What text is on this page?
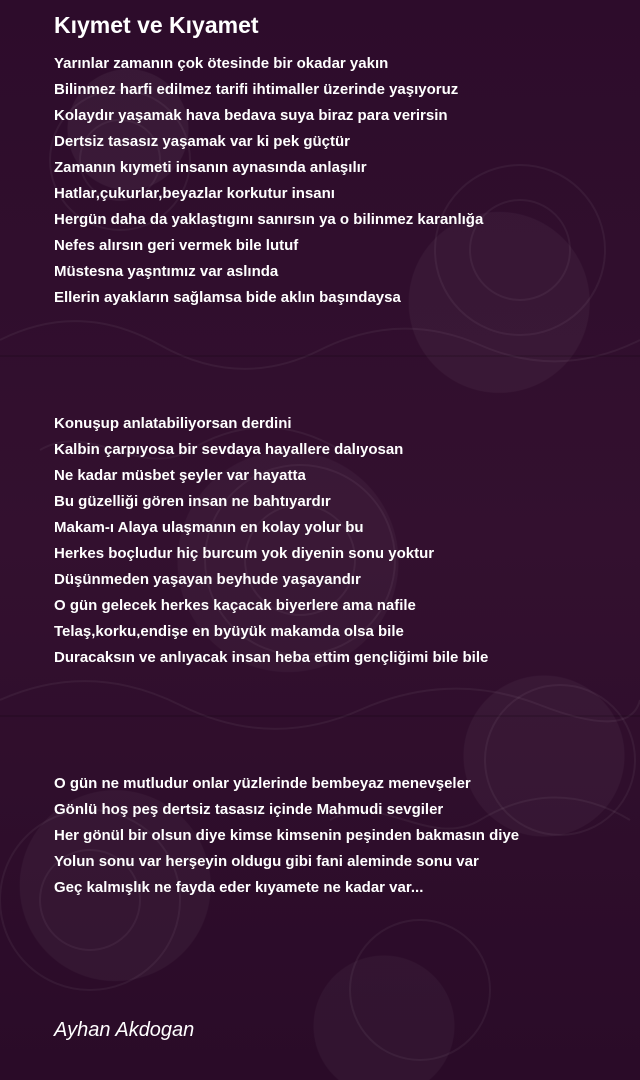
Kıymet ve Kıyamet
Yarınlar zamanın çok ötesinde bir okadar yakın
Bilinmez harfi edilmez tarifi ihtimaller üzerinde yaşıyoruz
Kolaydır yaşamak hava bedava suya biraz para verirsin
Dertsiz tasasız yaşamak var ki pek güçtür
Zamanın kıymeti insanın aynasında anlaşılır
Hatlar,çukurlar,beyazlar korkutur insanı
Hergün daha da yaklaştıgını sanırsın ya o bilinmez karanlığa
Nefes alırsın geri vermek bile lutuf
Müstesna yaşntımız var aslında
Ellerin ayakların sağlamsa bide aklın başındaysa
Konuşup anlatabiliyorsan derdini
Kalbin çarpıyosa bir sevdaya hayallere dalıyosan
Ne kadar müsbet şeyler var hayatta
Bu güzelliği gören insan ne bahtıyardır
Makam-ı Alaya ulaşmanın en kolay yolur bu
Herkes boçludur hiç burcum yok diyenin sonu yoktur
Düşünmeden yaşayan beyhude yaşayandır
O gün gelecek herkes kaçacak biyerlere ama nafile
Telaş,korku,endişe en byüyük makamda olsa bile
Duracaksın ve anlıyacak insan heba ettim gençliğimi bile bile
O gün ne mutludur onlar yüzlerinde bembeyaz menevşeler
Gönlü hoş peş dertsiz tasasız içinde Mahmudi sevgiler
Her gönül bir olsun diye kimse kimsenin peşinden bakmasın diye
Yolun sonu var herşeyin oldugu gibi fani aleminde sonu var
Geç kalmışlık ne fayda eder kıyamete ne kadar var...

Ayhan Akdogan
